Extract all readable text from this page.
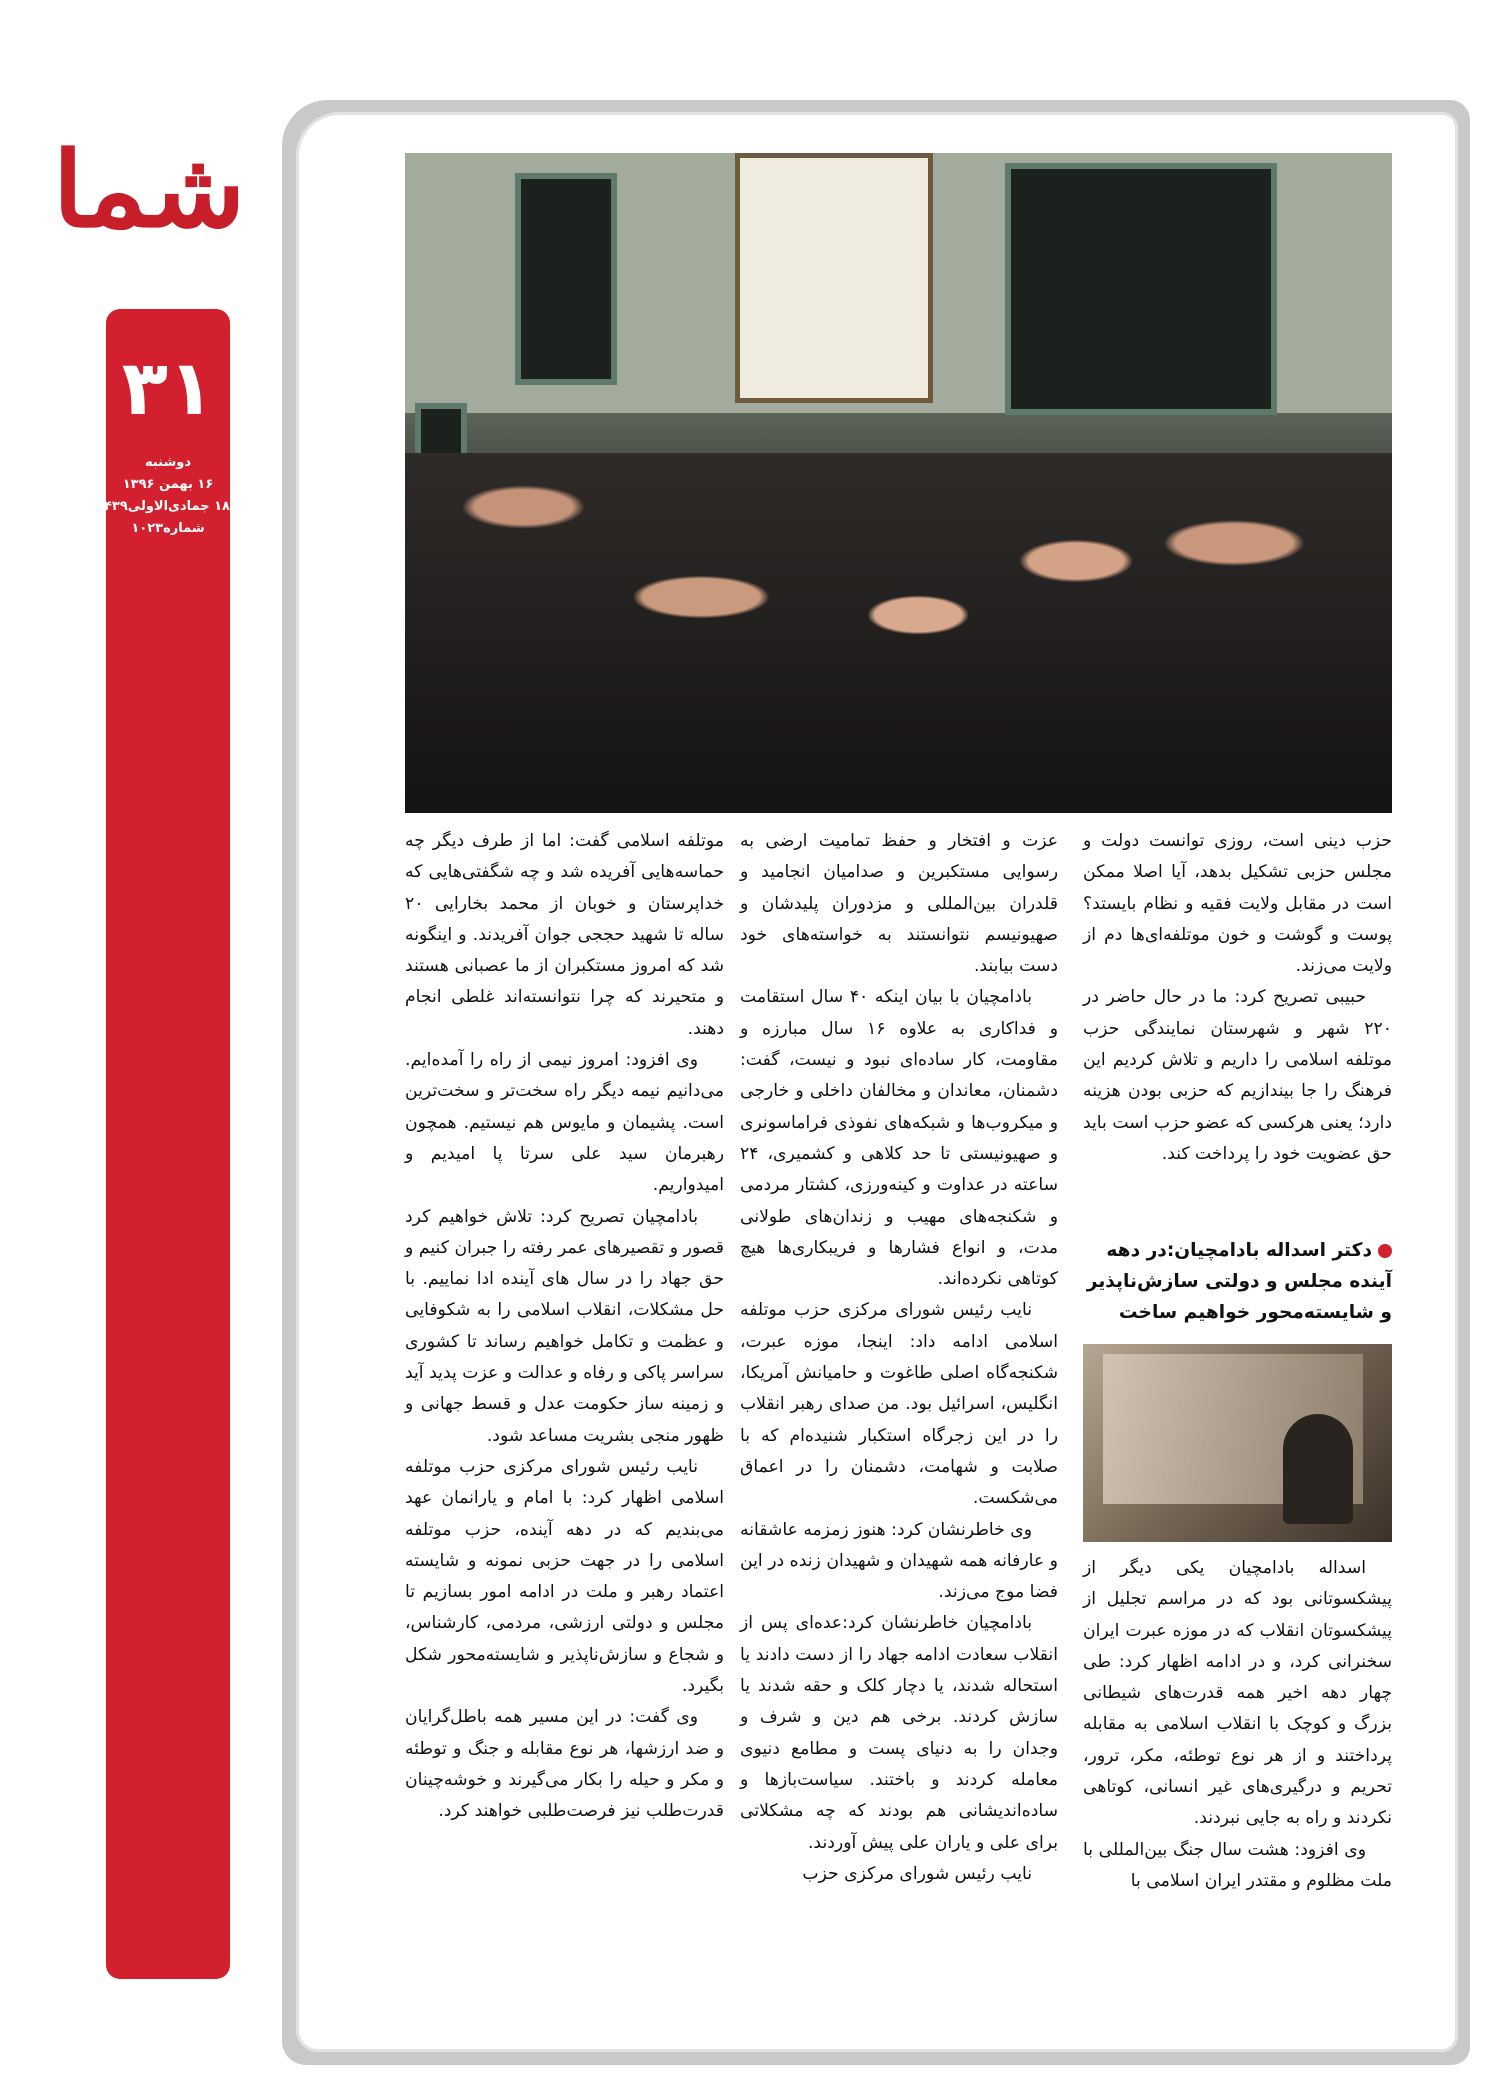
شما
۳۱
دوشنبه
۱۶ بهمن ۱۳۹۶
۱۸ جمادی‌الاولی۱۴۳۹
شماره۱۰۲۳

حزب دینی است، روزی توانست دولت و مجلس حزبی تشکیل بدهد، آیا اصلا ممکن است در مقابل ولایت فقیه و نظام بایستد؟ پوست و گوشت و خون موتلفه‌ای‌ها دم از ولایت می‌زند.

حبیبی تصریح کرد: ما در حال حاضر در ۲۲۰ شهر و شهرستان نمایندگی حزب موتلفه اسلامی را داریم و تلاش کردیم این فرهنگ را جا بیندازیم که حزبی بودن هزینه دارد؛ یعنی هرکسی که عضو حزب است باید حق عضویت خود را پرداخت کند.

دکتر اسداله بادامچیان:در دهه آینده مجلس و دولتی سازش‌ناپذیر و شایسته‌محور خواهیم ساخت

اسداله بادامچیان یکی دیگر از پیشکسوتانی بود که در مراسم تجلیل از پیشکسوتان انقلاب که در موزه عبرت ایران سخنرانی کرد، و در ادامه اظهار کرد: طی چهار دهه اخیر همه قدرت‌های شیطانی بزرگ و کوچک با انقلاب اسلامی به مقابله پرداختند و از هر نوع توطئه، مکر، ترور، تحریم و درگیری‌های غیر انسانی، کوتاهی نکردند و راه به جایی نبردند.

وی افزود: هشت سال جنگ بین‌المللی با ملت مظلوم و مقتدر ایران اسلامی با

عزت و افتخار و حفظ تمامیت ارضی به رسوایی مستکبرین و صدامیان انجامید و قلدران بین‌المللی و مزدوران پلیدشان و صهیونیسم نتوانستند به خواسته‌های خود دست بیابند.

بادامچیان با بیان اینکه ۴۰ سال استقامت و فداکاری به علاوه ۱۶ سال مبارزه و مقاومت، کار ساده‌ای نبود و نیست، گفت: دشمنان، معاندان و مخالفان داخلی و خارجی و میکروب‌ها و شبکه‌های نفوذی فراماسونری و صهیونیستی تا حد کلاهی و کشمیری، ۲۴ ساعته در عداوت و کینه‌ورزی، کشتار مردمی و شکنجه‌های مهیب و زندان‌های طولانی مدت، و انواع فشارها و فریبکاری‌ها هیچ کوتاهی نکرده‌اند.

نایب رئیس شورای مرکزی حزب موتلفه اسلامی ادامه داد: اینجا، موزه عبرت، شکنجه‌گاه اصلی طاغوت و حامیانش آمریکا، انگلیس، اسرائیل بود. من صدای رهبر انقلاب را در این زجرگاه استکبار شنیده‌ام که با صلابت و شهامت، دشمنان را در اعماق می‌شکست.

وی خاطرنشان کرد: هنوز زمزمه عاشقانه و عارفانه همه شهیدان و شهیدان زنده در این فضا موج می‌زند.

بادامچیان خاطرنشان کرد:عده‌ای پس از انقلاب سعادت ادامه جهاد را از دست دادند یا استحاله شدند، یا دچار کلک و حقه شدند یا سازش کردند. برخی هم دین و شرف و وجدان را به دنیای پست و مطامع دنیوی معامله کردند و باختند. سیاست‌بازها و ساده‌اندیشانی هم بودند که چه مشکلاتی برای علی و یاران علی پیش آوردند.

نایب رئیس شورای مرکزی حزب

موتلفه اسلامی گفت: اما از طرف دیگر چه حماسه‌هایی آفریده شد و چه شگفتی‌هایی که خداپرستان و خوبان از محمد بخارایی ۲۰ ساله تا شهید حججی جوان آفریدند. و اینگونه شد که امروز مستکبران از ما عصبانی هستند و متحیرند که چرا نتوانسته‌اند غلطی انجام دهند.

وی افزود: امروز نیمی از راه را آمده‌ایم. می‌دانیم نیمه دیگر راه سخت‌تر و سخت‌ترین است. پشیمان و مایوس هم نیستیم. همچون رهبرمان سید علی سرتا پا امیدیم و امیدواریم.

بادامچیان تصریح کرد: تلاش خواهیم کرد قصور و تقصیرهای عمر رفته را جبران کنیم و حق جهاد را در سال های آینده ادا نماییم. با حل مشکلات، انقلاب اسلامی را به شکوفایی و عظمت و تکامل خواهیم رساند تا کشوری سراسر پاکی و رفاه و عدالت و عزت پدید آید و زمینه ساز حکومت عدل و قسط جهانی و ظهور منجی بشریت مساعد شود.

نایب رئیس شورای مرکزی حزب موتلفه اسلامی اظهار کرد: با امام و یارانمان عهد می‌بندیم که در دهه آینده، حزب موتلفه اسلامی را در جهت حزبی نمونه و شایسته اعتماد رهبر و ملت در ادامه امور بسازیم تا مجلس و دولتی ارزشی، مردمی، کارشناس، و شجاع و سازش‌ناپذیر و شایسته‌محور شکل بگیرد.

وی گفت: در این مسیر همه باطل‌گرایان و ضد ارزشها، هر نوع مقابله و جنگ و توطئه و مکر و حیله را بکار می‌گیرند و خوشه‌چینان قدرت‌طلب نیز فرصت‌طلبی خواهند کرد.
